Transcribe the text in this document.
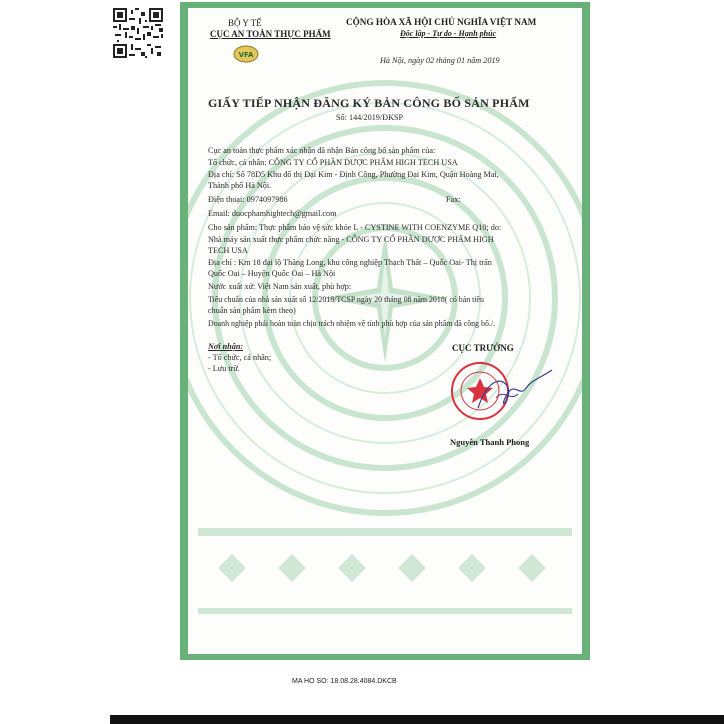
BỘ Y TẾ
CỤC AN TOÀN THỰC PHẨM
VFA
CỘNG HÒA XÃ HỘI CHỦ NGHĨA VIỆT NAM
Độc lập - Tự do - Hạnh phúc
Hà Nội, ngày 02 tháng 01 năm 2019
GIẤY TIẾP NHẬN ĐĂNG KÝ BẢN CÔNG BỐ SẢN PHẨM
Số: 144/2019/ĐKSP
Cục an toàn thực phẩm xác nhận đã nhận Bản công bố sản phẩm của:
Tổ chức, cá nhân: CÔNG TY CỔ PHẦN DƯỢC PHẨM HIGH TECH USA
Địa chỉ: Số 78D5 Khu đô thị Đại Kim - Định Công, Phường Đại Kim, Quận Hoàng Mai,
Thành phố Hà Nội.
Điện thoại: 0974097986	Fax:
Email: duocphamhightech@gmail.com
Cho sản phẩm: Thực phẩm bảo vệ sức khỏe L - CYSTINE WITH COENZYME Q10; do:
Nhà máy sản xuất thực phẩm chức năng - CÔNG TY CỔ PHẦN DƯỢC PHẨM HIGH
TECH USA
Địa chỉ : Km 18 đại lộ Thăng Long, khu công nghiệp Thạch Thất – Quốc Oai- Thị trấn
Quốc Oai – Huyện Quốc Oai – Hà Nội
Nước xuất xứ: Việt Nam sản xuất, phù hợp:
Tiêu chuẩn của nhà sản xuất số 12/2018/TCSP ngày 20 tháng 08 năm 2018( có bản tiêu
chuẩn sản phẩm kèm theo)
Doanh nghiệp phải hoàn toàn chịu trách nhiệm về tính phù hợp của sản phẩm đã công bố./.
Nơi nhận:
- Tổ chức, cá nhân;
- Lưu trữ.
CỤC TRƯỞNG
Nguyễn Thanh Phong
MA HO SO: 18.08.28.4084.DKCB
